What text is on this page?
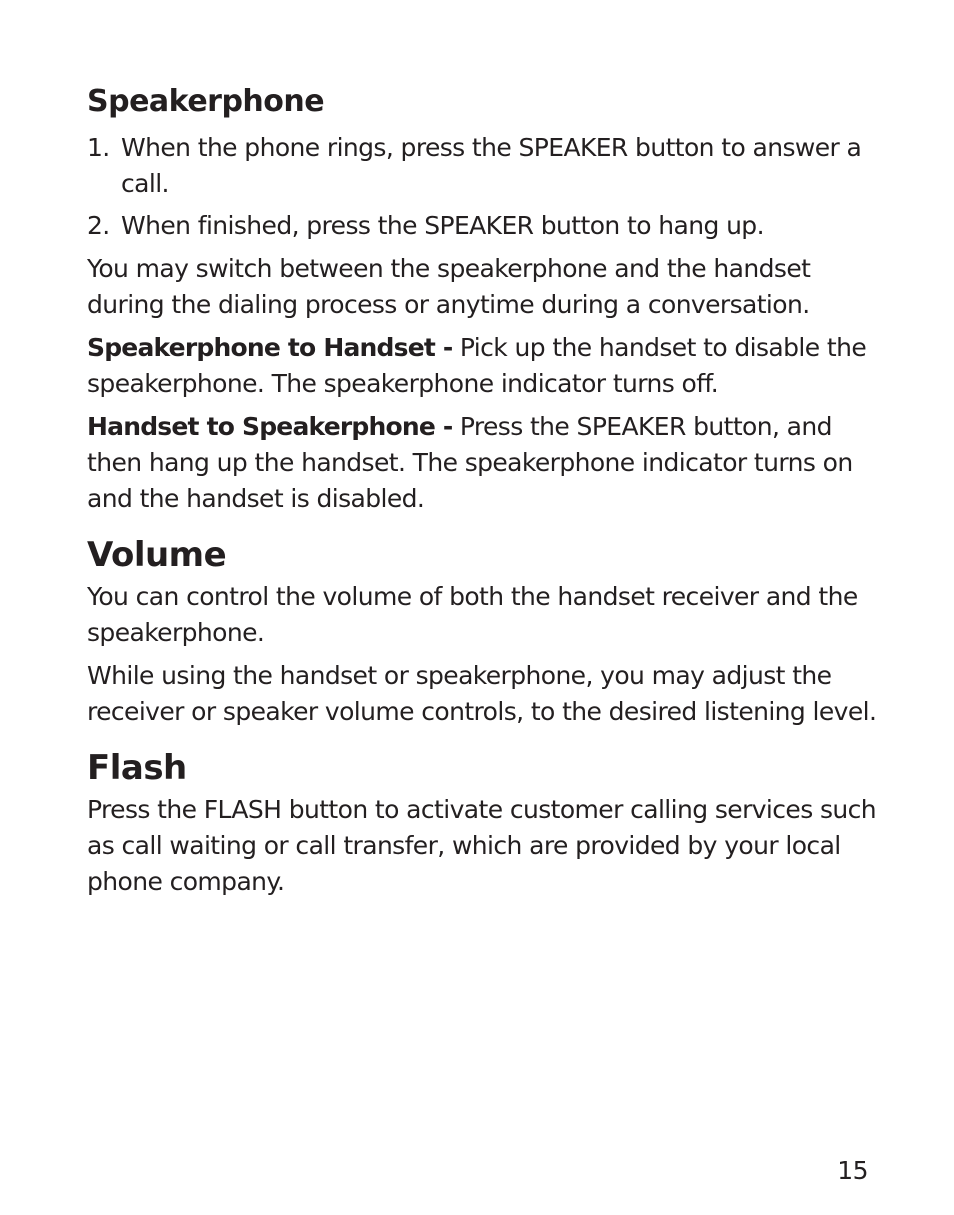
Speakerphone
1. When the phone rings, press the SPEAKER button to answer a call.
2. When finished, press the SPEAKER button to hang up.

You may switch between the speakerphone and the handset during the dialing process or anytime during a conversation.

Speakerphone to Handset - Pick up the handset to disable the speakerphone. The speakerphone indicator turns off.

Handset to Speakerphone - Press the SPEAKER button, and then hang up the handset. The speakerphone indicator turns on and the handset is disabled.

Volume

You can control the volume of both the handset receiver and the speakerphone.

While using the handset or speakerphone, you may adjust the receiver or speaker volume controls, to the desired listening level.

Flash

Press the FLASH button to activate customer calling services such as call waiting or call transfer, which are provided by your local phone company.

15
